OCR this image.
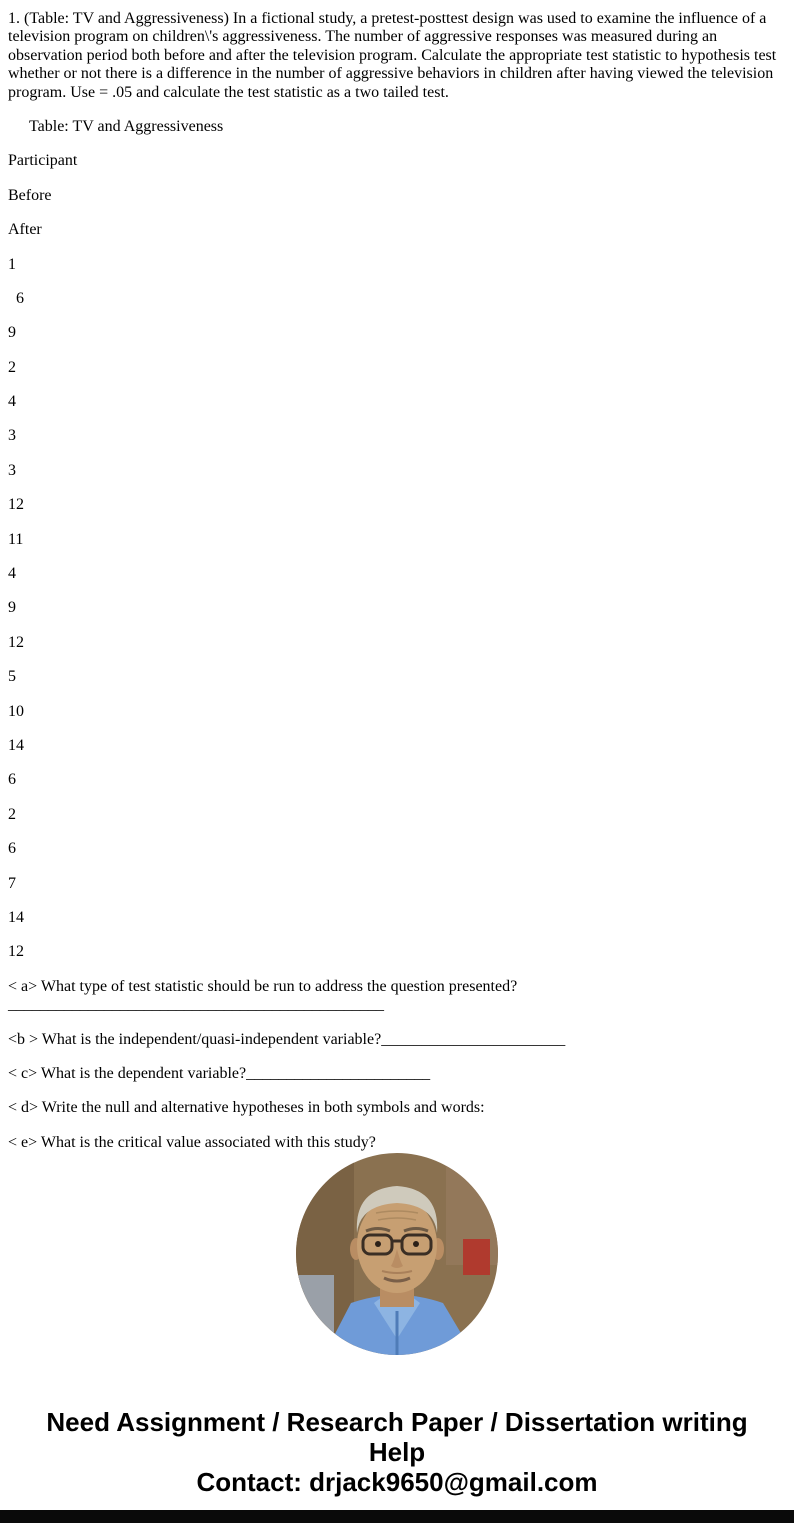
1. (Table: TV and Aggressiveness) In a fictional study, a pretest-posttest design was used to examine the influence of a television program on children\'s aggressiveness. The number of aggressive responses was measured during an observation period both before and after the television program. Calculate the appropriate test statistic to hypothesis test whether or not there is a difference in the number of aggressive behaviors in children after having viewed the television program. Use = .05 and calculate the test statistic as a two tailed test.

Table: TV and Aggressiveness

Participant

Before

After

1

6

9

2

4

3

3

12

11

4

9

12

5

10

14

6

2

6

7

14

12

< a> What type of test statistic should be run to address the question presented? _______________________________________________

<b > What is the independent/quasi-independent variable?_______________________

< c> What is the dependent variable?_______________________

< d> Write the null and alternative hypotheses in both symbols and words:

< e> What is the critical value associated with this study?

Need Assignment / Research Paper / Dissertation writing Help
Contact: drjack9650@gmail.com
